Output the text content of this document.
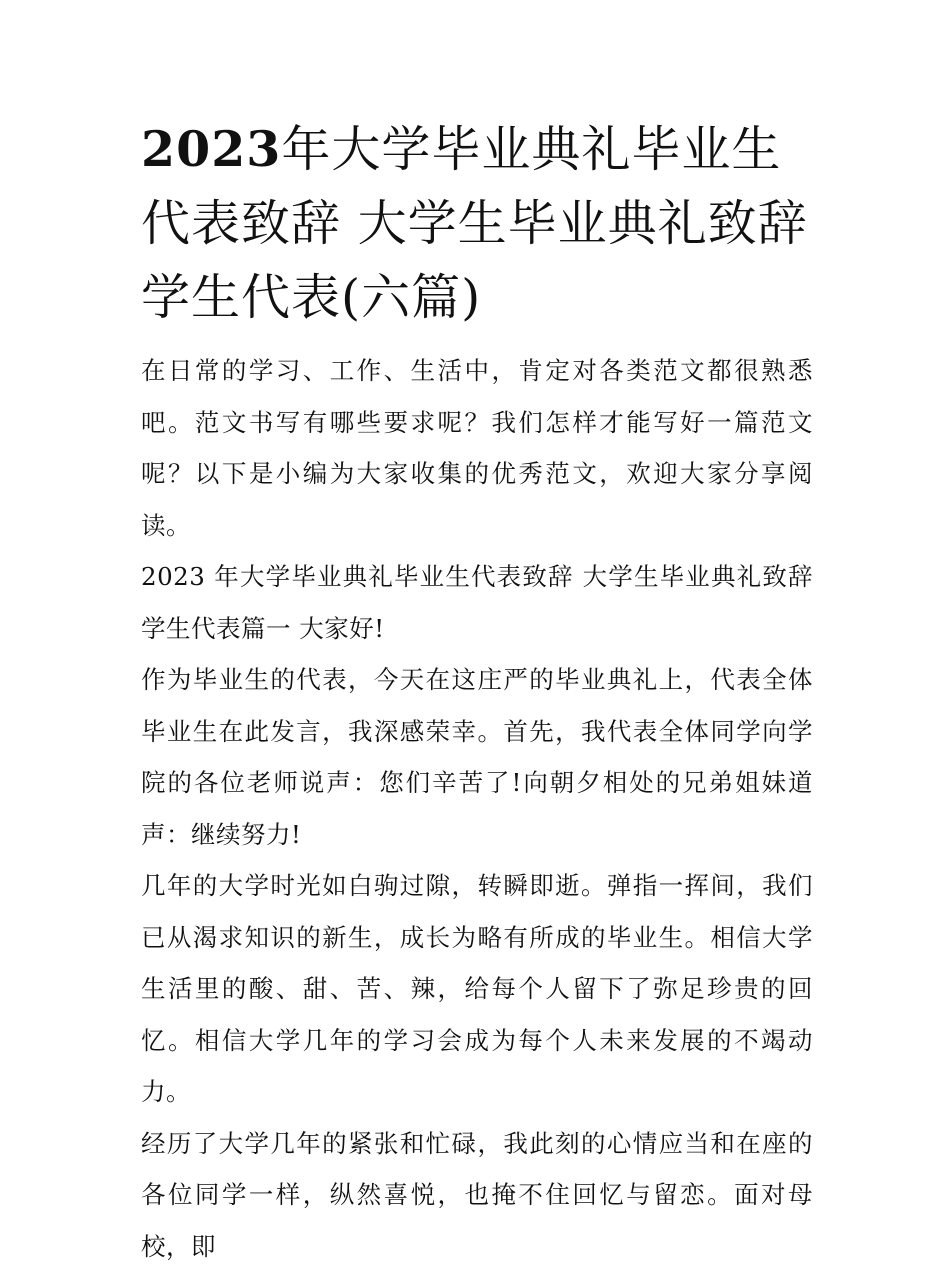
2023年大学毕业典礼毕业生代表致辞 大学生毕业典礼致辞学生代表(六篇)

在日常的学习、工作、生活中，肯定对各类范文都很熟悉吧。范文书写有哪些要求呢？我们怎样才能写好一篇范文呢？以下是小编为大家收集的优秀范文，欢迎大家分享阅读。

2023 年大学毕业典礼毕业生代表致辞 大学生毕业典礼致辞学生代表篇一 大家好!

作为毕业生的代表，今天在这庄严的毕业典礼上，代表全体毕业生在此发言，我深感荣幸。首先，我代表全体同学向学院的各位老师说声：您们辛苦了!向朝夕相处的兄弟姐妹道声：继续努力!

几年的大学时光如白驹过隙，转瞬即逝。弹指一挥间，我们已从渴求知识的新生，成长为略有所成的毕业生。相信大学生活里的酸、甜、苦、辣，给每个人留下了弥足珍贵的回忆。相信大学几年的学习会成为每个人未来发展的不竭动力。

经历了大学几年的紧张和忙碌，我此刻的心情应当和在座的各位同学一样，纵然喜悦，也掩不住回忆与留恋。面对母校，即
